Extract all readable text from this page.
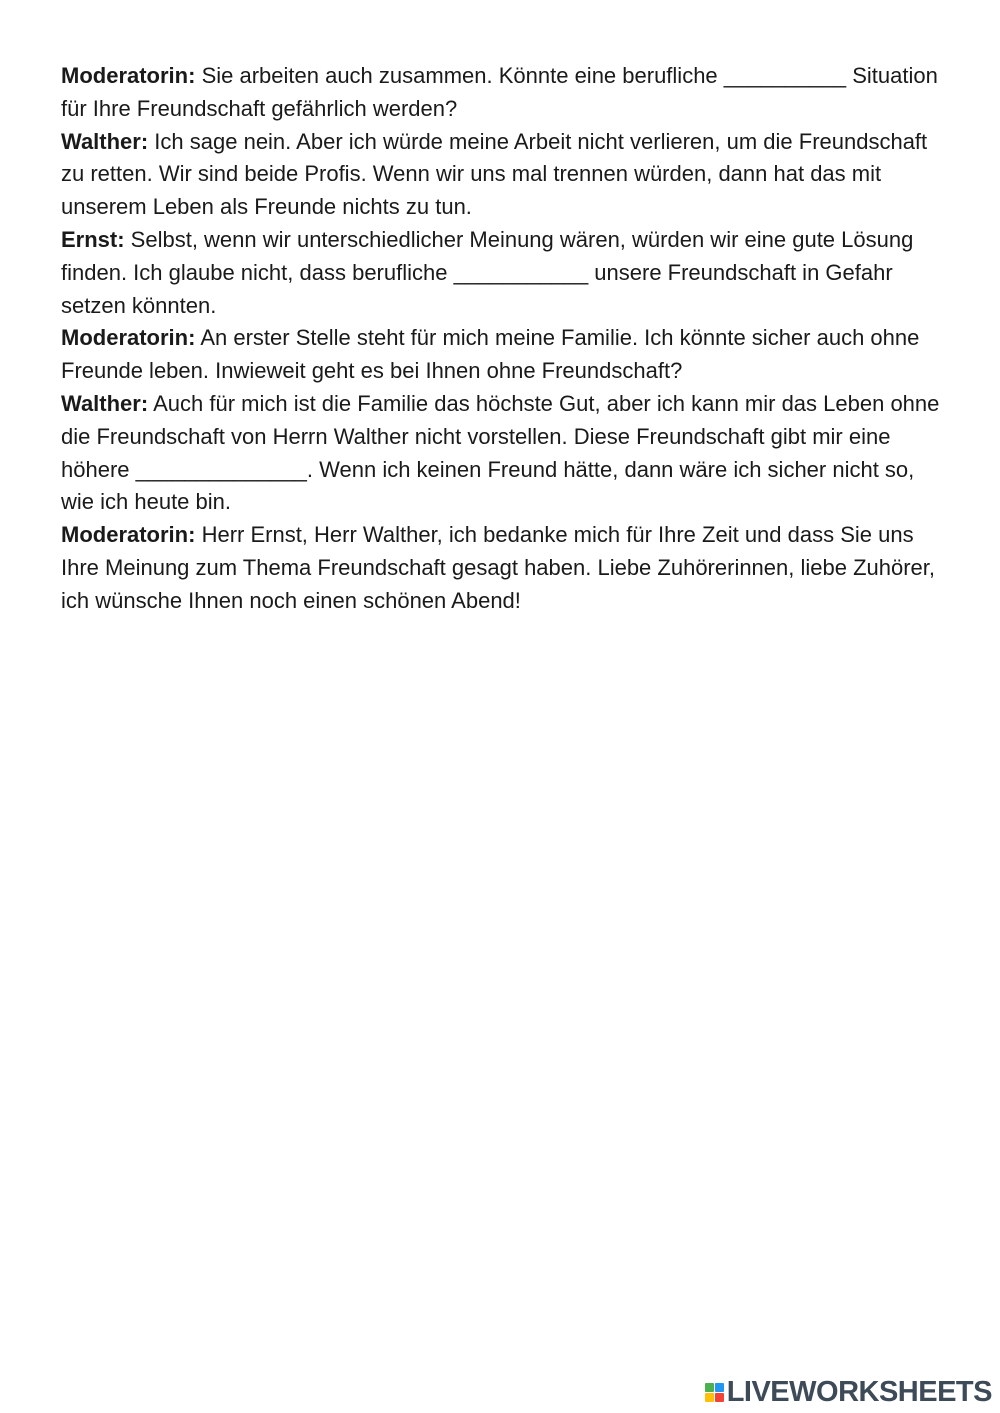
Moderatorin: Sie arbeiten auch zusammen. Könnte eine berufliche __________ Situation für Ihre Freundschaft gefährlich werden?

Walther: Ich sage nein. Aber ich würde meine Arbeit nicht verlieren, um die Freundschaft zu retten. Wir sind beide Profis. Wenn wir uns mal trennen würden, dann hat das mit unserem Leben als Freunde nichts zu tun.

Ernst: Selbst, wenn wir unterschiedlicher Meinung wären, würden wir eine gute Lösung finden. Ich glaube nicht, dass berufliche ___________ unsere Freundschaft in Gefahr setzen könnten.

Moderatorin: An erster Stelle steht für mich meine Familie. Ich könnte sicher auch ohne Freunde leben. Inwieweit geht es bei Ihnen ohne Freundschaft?

Walther: Auch für mich ist die Familie das höchste Gut, aber ich kann mir das Leben ohne die Freundschaft von Herrn Walther nicht vorstellen. Diese Freundschaft gibt mir eine höhere ______________. Wenn ich keinen Freund hätte, dann wäre ich sicher nicht so, wie ich heute bin.

Moderatorin: Herr Ernst, Herr Walther, ich bedanke mich für Ihre Zeit und dass Sie uns Ihre Meinung zum Thema Freundschaft gesagt haben. Liebe Zuhörerinnen, liebe Zuhörer, ich wünsche Ihnen noch einen schönen Abend!

LIVEWORKSHEETS
